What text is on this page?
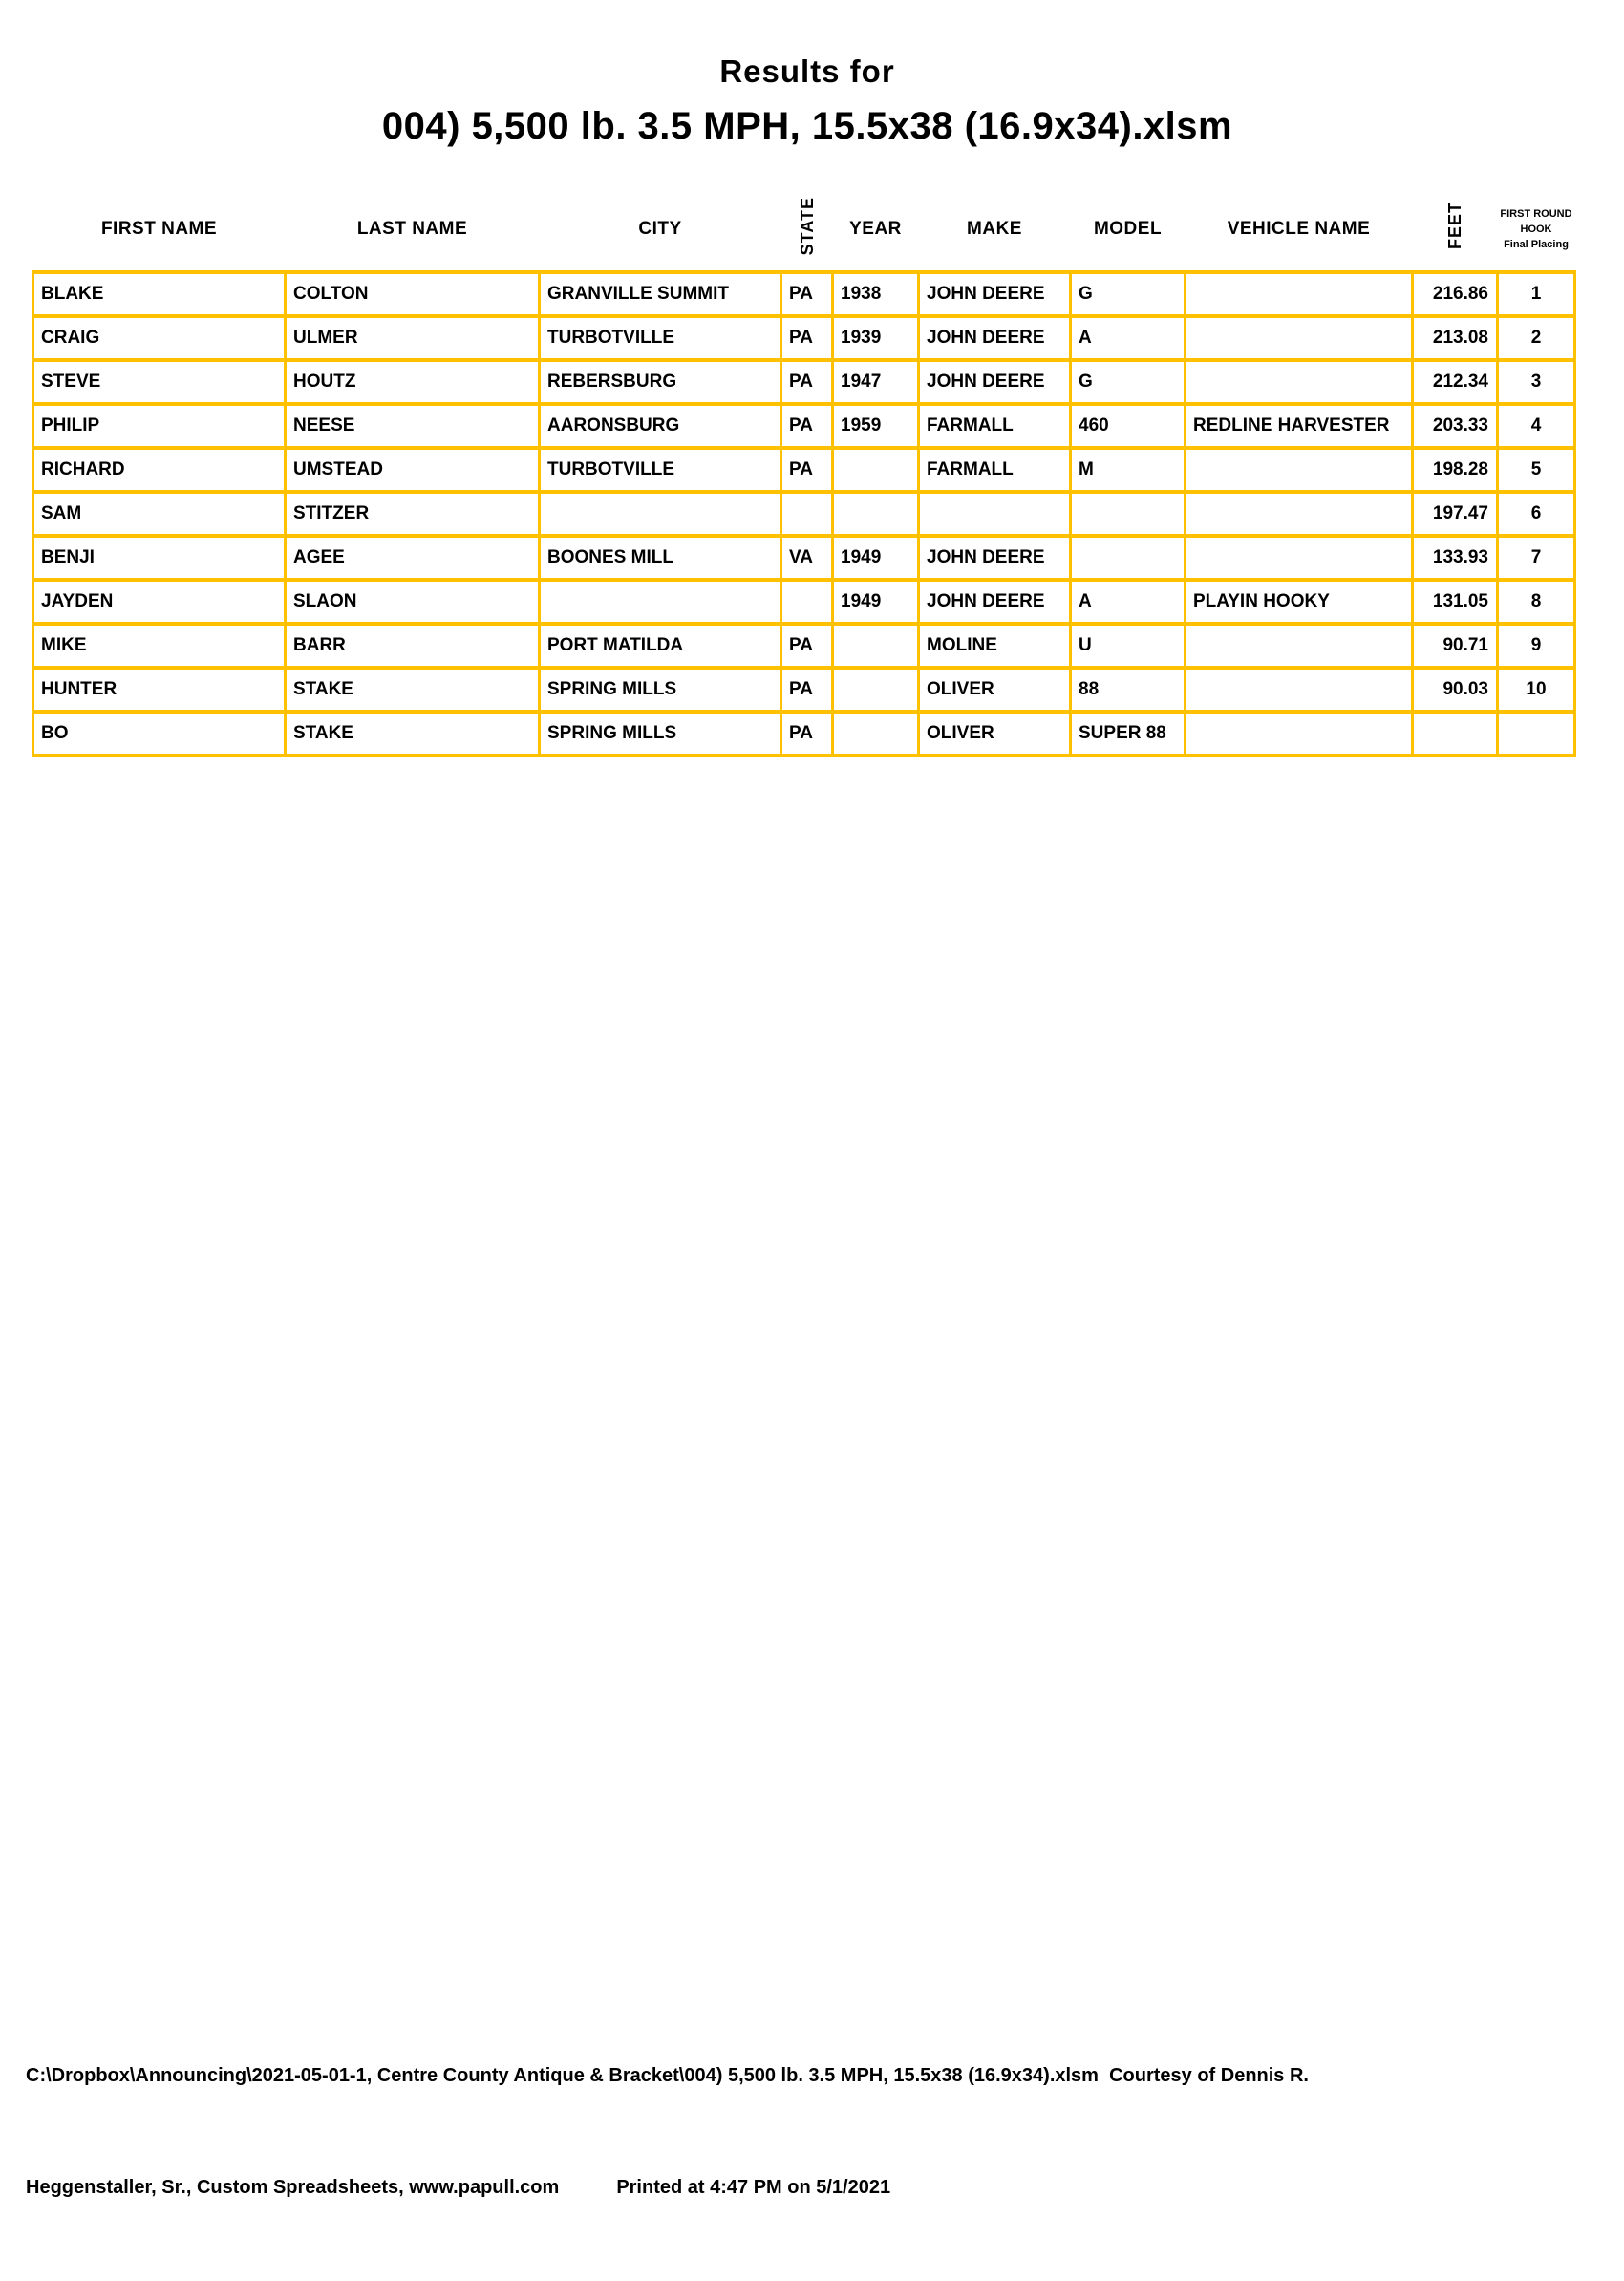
Results for
004) 5,500 lb. 3.5 MPH, 15.5x38 (16.9x34).xlsm
FIRST NAME	LAST NAME	CITY	STATE	YEAR	MAKE	MODEL	VEHICLE NAME	FEET	FIRST ROUND
HOOK
Final Placing

BLAKE	COLTON	GRANVILLE SUMMIT	PA	1938	JOHN DEERE	G		216.86	1
CRAIG	ULMER	TURBOTVILLE	PA	1939	JOHN DEERE	A		213.08	2
STEVE	HOUTZ	REBERSBURG	PA	1947	JOHN DEERE	G		212.34	3
PHILIP	NEESE	AARONSBURG	PA	1959	FARMALL	460	REDLINE HARVESTER	203.33	4
RICHARD	UMSTEAD	TURBOTVILLE	PA		FARMALL	M		198.28	5
SAM	STITZER							197.47	6
BENJI	AGEE	BOONES MILL	VA	1949	JOHN DEERE			133.93	7
JAYDEN	SLAON			1949	JOHN DEERE	A	PLAYIN HOOKY	131.05	8
MIKE	BARR	PORT MATILDA	PA		MOLINE	U		90.71	9
HUNTER	STAKE	SPRING MILLS	PA		OLIVER	88		90.03	10
BO	STAKE	SPRING MILLS	PA		OLIVER	SUPER 88			

C:\Dropbox\Announcing\2021-05-01-1, Centre County Antique & Bracket\004) 5,500 lb. 3.5 MPH, 15.5x38 (16.9x34).xlsm  Courtesy of Dennis R.

Heggenstaller, Sr., Custom Spreadsheets, www.papull.com	Printed at 4:47 PM on 5/1/2021
